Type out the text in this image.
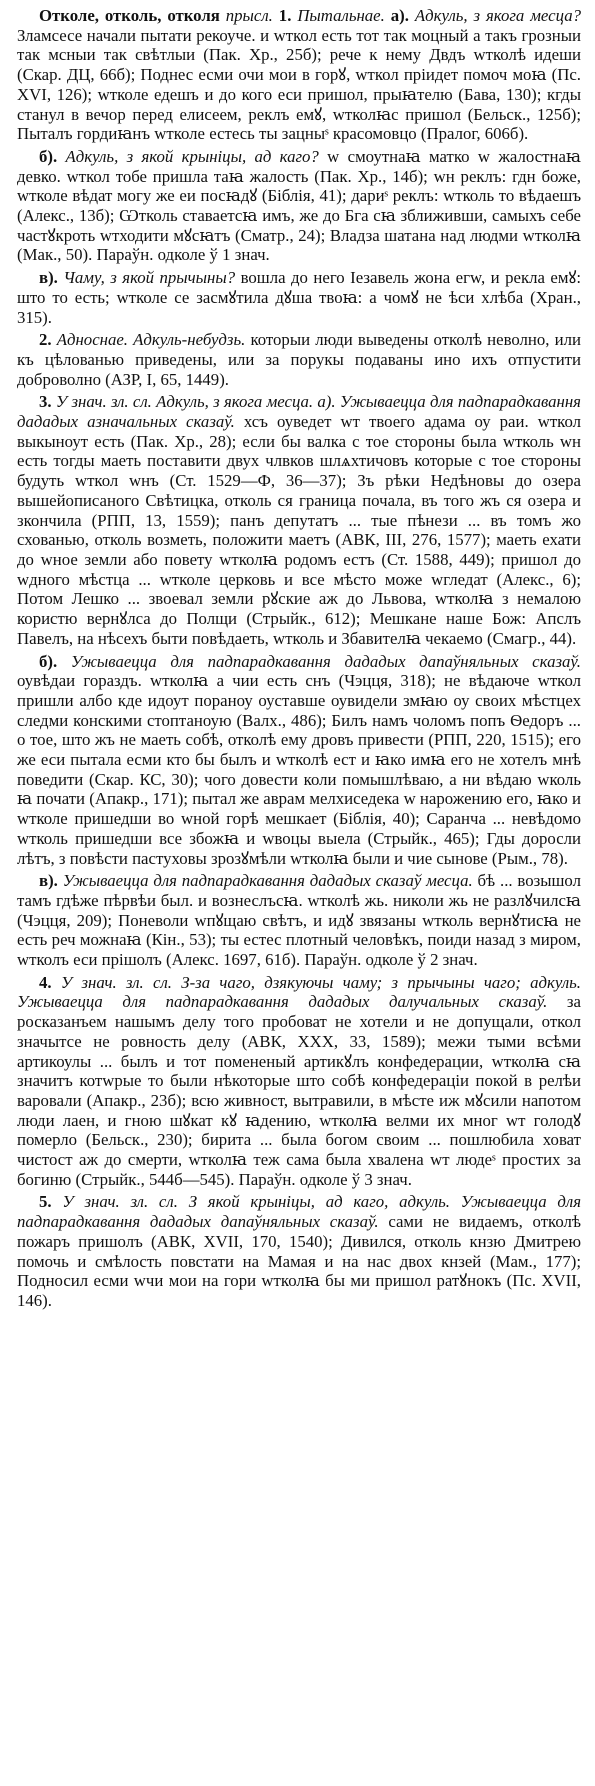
Отколе, отколь, отколя прысл. 1. Пытальнае. а). Адкуль, з якога месца? Зламсесе начали пытати рекоуче. и wткол есть тот так моцный а такъ грозныи так мсныи так свѣтлыи (Пак. Хр., 25б); рече к нему Двдъ wтколѣ идеши (Скар. ДЦ, 66б); Поднес есми очи мои в горꙋ, wткол прiидет помоч моꙗ (Пс. XVI, 126); wтколе едешъ и до кого еси пришол, прыꙗтелю (Бава, 130); кгды станул в вечор перед елисеем, реклъ емꙋ, wтколꙗс пришол (Бельск., 125б); Пыталъ гордиꙗнъ wтколе естесь ты зацныˢ красомовцо (Пралог, 606б).

б). Адкуль, з якой крыніцы, ад каго? w смоутнаꙗ матко w жалостнаꙗ девко. wткол тобе пришла таꙗ жалость (Пак. Хр., 14б); wн реклъ: гдн боже, wтколе вѣдат могу же еи посꙗдꙋ (Біблія, 41); дариˢ реклъ: wтколь то вѣдаешъ (Алекс., 13б); Ѡтколь ставаетсꙗ имъ, же до Бга сꙗ зближивши, самыхъ себе частꙋкроть wтходити мꙋсꙗтъ (Сматр., 24); Владза шатана над людми wтколꙗ (Мак., 50). Параўн. одколе ў 1 знач.

в). Чаму, з якой прычыны? вошла до него Iезавель жона егw, и рекла емꙋ: што то есть; wтколе се засмꙋтила дꙋша твоꙗ: а чомꙋ не ѣси хлѣба (Хран., 315).

2. Адноснае. Адкуль-небудзь. которыи люди выведены отколѣ неволно, или къ цѣлованью приведены, или за порукы подаваны ино ихъ отпустити доброволно (АЗР, I, 65, 1449).

3. У знач. зл. сл. Адкуль, з якога месца. а). Ужываецца для падпарадкавання дададых азначальных сказаў. хсъ оуведет wт твоего адама оу раи. wткол выкыноут есть (Пак. Хр., 28); если бы валка с тое стороны была wтколь wн есть тогды маеть поставити двух члвков шлѧхтичовъ которые с тое стороны будуть wткол wнъ (Ст. 1529—Ф, 36—37); Зъ рѣки Недѣновы до озера вышейописаного Свѣтицка, отколь ся граница почала, въ того жъ ся озера и зкончила (РПП, 13, 1559); панъ депутатъ ... тые пѣнези ... въ томъ жо схованью, отколь возметь, положити маетъ (АВК, III, 276, 1577); маеть ехати до wное земли або повету wтколꙗ родомъ естъ (Ст. 1588, 449); пришол до wдного мѣстца ... wтколе церковь и все мѣсто може wгледат (Алекс., 6); Потом Лешко ... звоевал земли рꙋские аж до Львова, wтколꙗ з немалою користю вернꙋлса до Полщи (Стрыйк., 612); Мешкане наше Бож: Апслъ Павелъ, на нѣсехъ быти повѣдаеть, wтколь и Збавителꙗ чекаемо (Смагр., 44).

б). Ужываецца для падпарадкавання дададых дапаўняльных сказаў. оувѣдаи гораздъ. wтколꙗ а чии есть снъ (Чэцця, 318); не вѣдаюче wткол пришли албо кде идоут пораноу оуставше оувидели змꙗю оу своих мѣстцех следми конскими стоптаноую (Валх., 486); Билъ намъ чоломъ попъ Ѳедоръ ... о тое, што жъ не маеть собѣ, отколѣ ему дровъ привести (РПП, 220, 1515); его же еси пытала есми кто бы былъ и wтколѣ ест и ꙗко имꙗ его не хотелъ мнѣ поведити (Скар. КС, 30); чого довести коли помышлѣваю, а ни вѣдаю wколь ꙗ почати (Апакр., 171); пытал же аврам мелхиседека w нарожению его, ꙗко и wтколе пришедши во wной горѣ мешкает (Біблія, 40); Саранча ... невѣдомо wтколь пришедши все збожꙗ и wвоцы выела (Стрыйк., 465); Гды доросли лѣтъ, з повѣсти пастуховы зрозꙋмѣли wтколꙗ были и чие сынове (Рым., 78).

в). Ужываецца для падпарадкавання дададых сказаў месца. бѣ ... возышол тамъ гдѣже пѣрвѣи был. и вознеслъсꙗ. wтколѣ жь. николи жь не разлꙋчилсꙗ (Чэцця, 209); Поневоли wпꙋщаю свѣтъ, и идꙋ звязаны wтколь вернꙋтисꙗ не есть реч можнаꙗ (Кін., 53); ты естес плотный человѣкъ, поиди назад з миром, wтколъ еси прiшолъ (Алекс. 1697, 61б). Параўн. одколе ў 2 знач.

4. У знач. зл. сл. З-за чаго, дзякуючы чаму; з прычыны чаго; адкуль. Ужываецца для падпарадкавання дададых далучальных сказаў. за росказанъем нашымъ делу того пробоват не хотели и не допущали, откол значытсе не ровность делу (АВК, XXX, 33, 1589); межи тыми всѣми артикоулы ... былъ и тот помененый артикꙋлъ конфедерации, wтколꙗ сꙗ значитъ котwрые то были нѣкоторые што собѣ конфедерацiи покой в релѣи варовали (Апакр., 23б); всю живност, вытравили, в мѣсте иж мꙋсили напотом люди лаен, и гною шꙋкат кꙋ ꙗдению, wтколꙗ велми их мног wт голодꙋ померло (Бельск., 230); бирита ... была богом своим ... пошлюбила ховат чистост аж до смерти, wтколꙗ теж сама была хвалена wт людеˢ простих за богиню (Стрыйк., 544б—545). Параўн. одколе ў 3 знач.

5. У знач. зл. сл. З якой крыніцы, ад каго, адкуль. Ужываецца для падпарадкавання дададых дапаўняльных сказаў. сами не видаемъ, отколѣ пожаръ пришолъ (АВК, XVII, 170, 1540); Дивился, отколь кнзю Дмитрею помочь и смѣлость повстати на Мамая и на нас двох кнзей (Мам., 177); Подносил есми wчи мои на гори wтколꙗ бы ми пришол ратꙋнокъ (Пс. XVII, 146).
